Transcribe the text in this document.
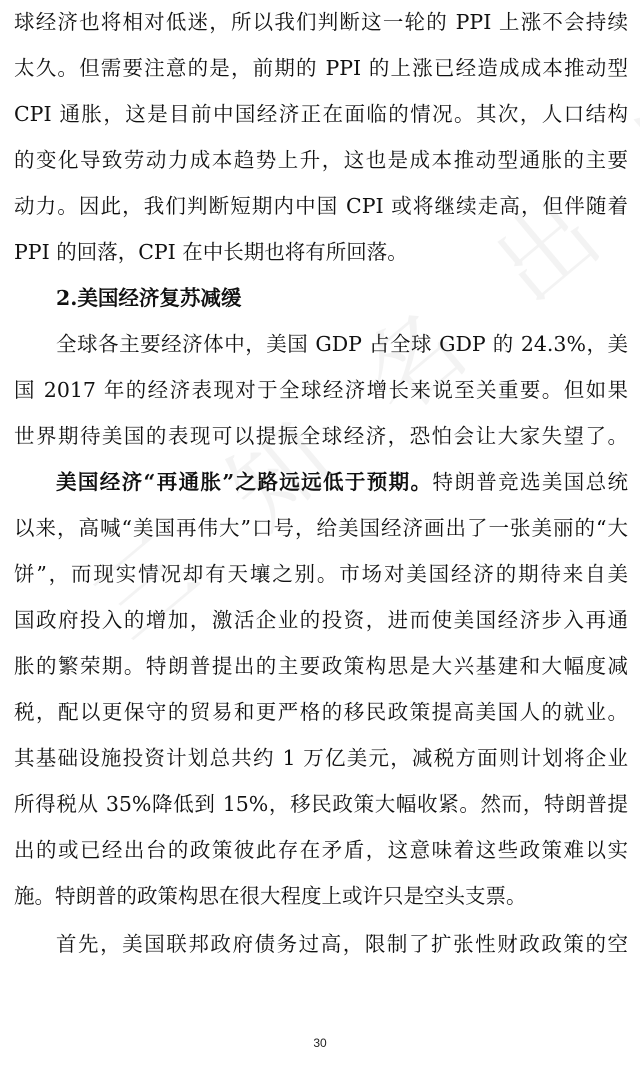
球经济也将相对低迷，所以我们判断这一轮的 PPI 上涨不会持续
太久。但需要注意的是，前期的 PPI 的上涨已经造成成本推动型
CPI 通胀，这是目前中国经济正在面临的情况。其次，人口结构
的变化导致劳动力成本趋势上升，这也是成本推动型通胀的主要
动力。因此，我们判断短期内中国 CPI 或将继续走高，但伴随着
PPI 的回落，CPI 在中长期也将有所回落。
2.美国经济复苏减缓
全球各主要经济体中，美国 GDP 占全球 GDP 的 24.3%，美
国 2017 年的经济表现对于全球经济增长来说至关重要。但如果
世界期待美国的表现可以提振全球经济，恐怕会让大家失望了。
美国经济“再通胀”之路远远低于预期。特朗普竞选美国总统
以来，高喊“美国再伟大”口号，给美国经济画出了一张美丽的“大
饼”，而现实情况却有天壤之别。市场对美国经济的期待来自美
国政府投入的增加，激活企业的投资，进而使美国经济步入再通
胀的繁荣期。特朗普提出的主要政策构思是大兴基建和大幅度减
税，配以更保守的贸易和更严格的移民政策提高美国人的就业。
其基础设施投资计划总共约 1 万亿美元，减税方面则计划将企业
所得税从 35%降低到 15%，移民政策大幅收紧。然而，特朗普提
出的或已经出台的政策彼此存在矛盾，这意味着这些政策难以实
施。特朗普的政策构思在很大程度上或许只是空头支票。
首先，美国联邦政府债务过高，限制了扩张性财政政策的空
30
